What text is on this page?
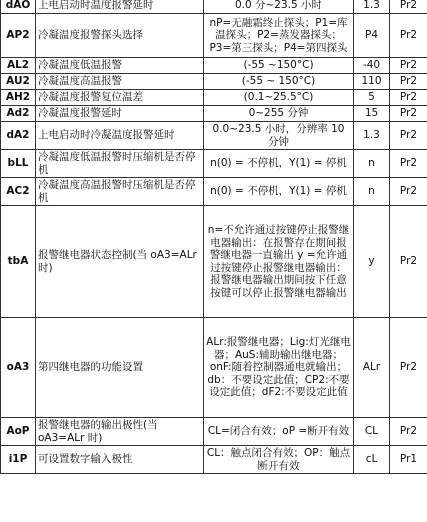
dAO	上电启动时温度报警延时	0.0 分~23.5 小时	1.3	Pr2
AP2	冷凝温度报警探头选择	nP=无融霜终止探头；P1=库温探头；P2=蒸发器探头；P3=第三探头；P4=第四探头	P4	Pr2
AL2	冷凝温度低温报警	(-55 ~150°C)	-40	Pr2
AU2	冷凝温度高温报警	(-55 ~ 150°C)	110	Pr2
AH2	冷凝温度报警复位温差	(0.1~25.5°C)	5	Pr2
Ad2	冷凝温度报警延时	0~255 分钟	15	Pr2
dA2	上电启动时冷凝温度报警延时	0.0~23.5 小时，分辨率 10 分钟	1.3	Pr2
bLL	冷凝温度低温报警时压缩机是否停机	n(0) = 不停机，Y(1) = 停机	n	Pr2
AC2	冷凝温度高温报警时压缩机是否停机	n(0) = 不停机，Y(1) = 停机	n	Pr2
tbA	报警继电器状态控制(当 oA3=ALr 时)	n=不允许通过按键停止报警继电器输出：在报警存在期间报警继电器一直输出 y =允许通过按键停止报警继电器输出：报警继电器输出期间按下任意按键可以停止报警继电器输出	y	Pr2
oA3	第四继电器的功能设置	ALr:报警继电器；Lig:灯光继电器；AuS:辅助输出继电器；onF:随着控制器通电就输出；db：不要设定此值；CP2:不要设定此值；dF2:不要设定此值	ALr	Pr2
AoP	报警继电器的输出极性(当 oA3=ALr 时)	CL=闭合有效；oP =断开有效	CL	Pr2
i1P	可设置数字输入极性	CL：触点闭合有效；OP：触点断开有效	cL	Pr1
